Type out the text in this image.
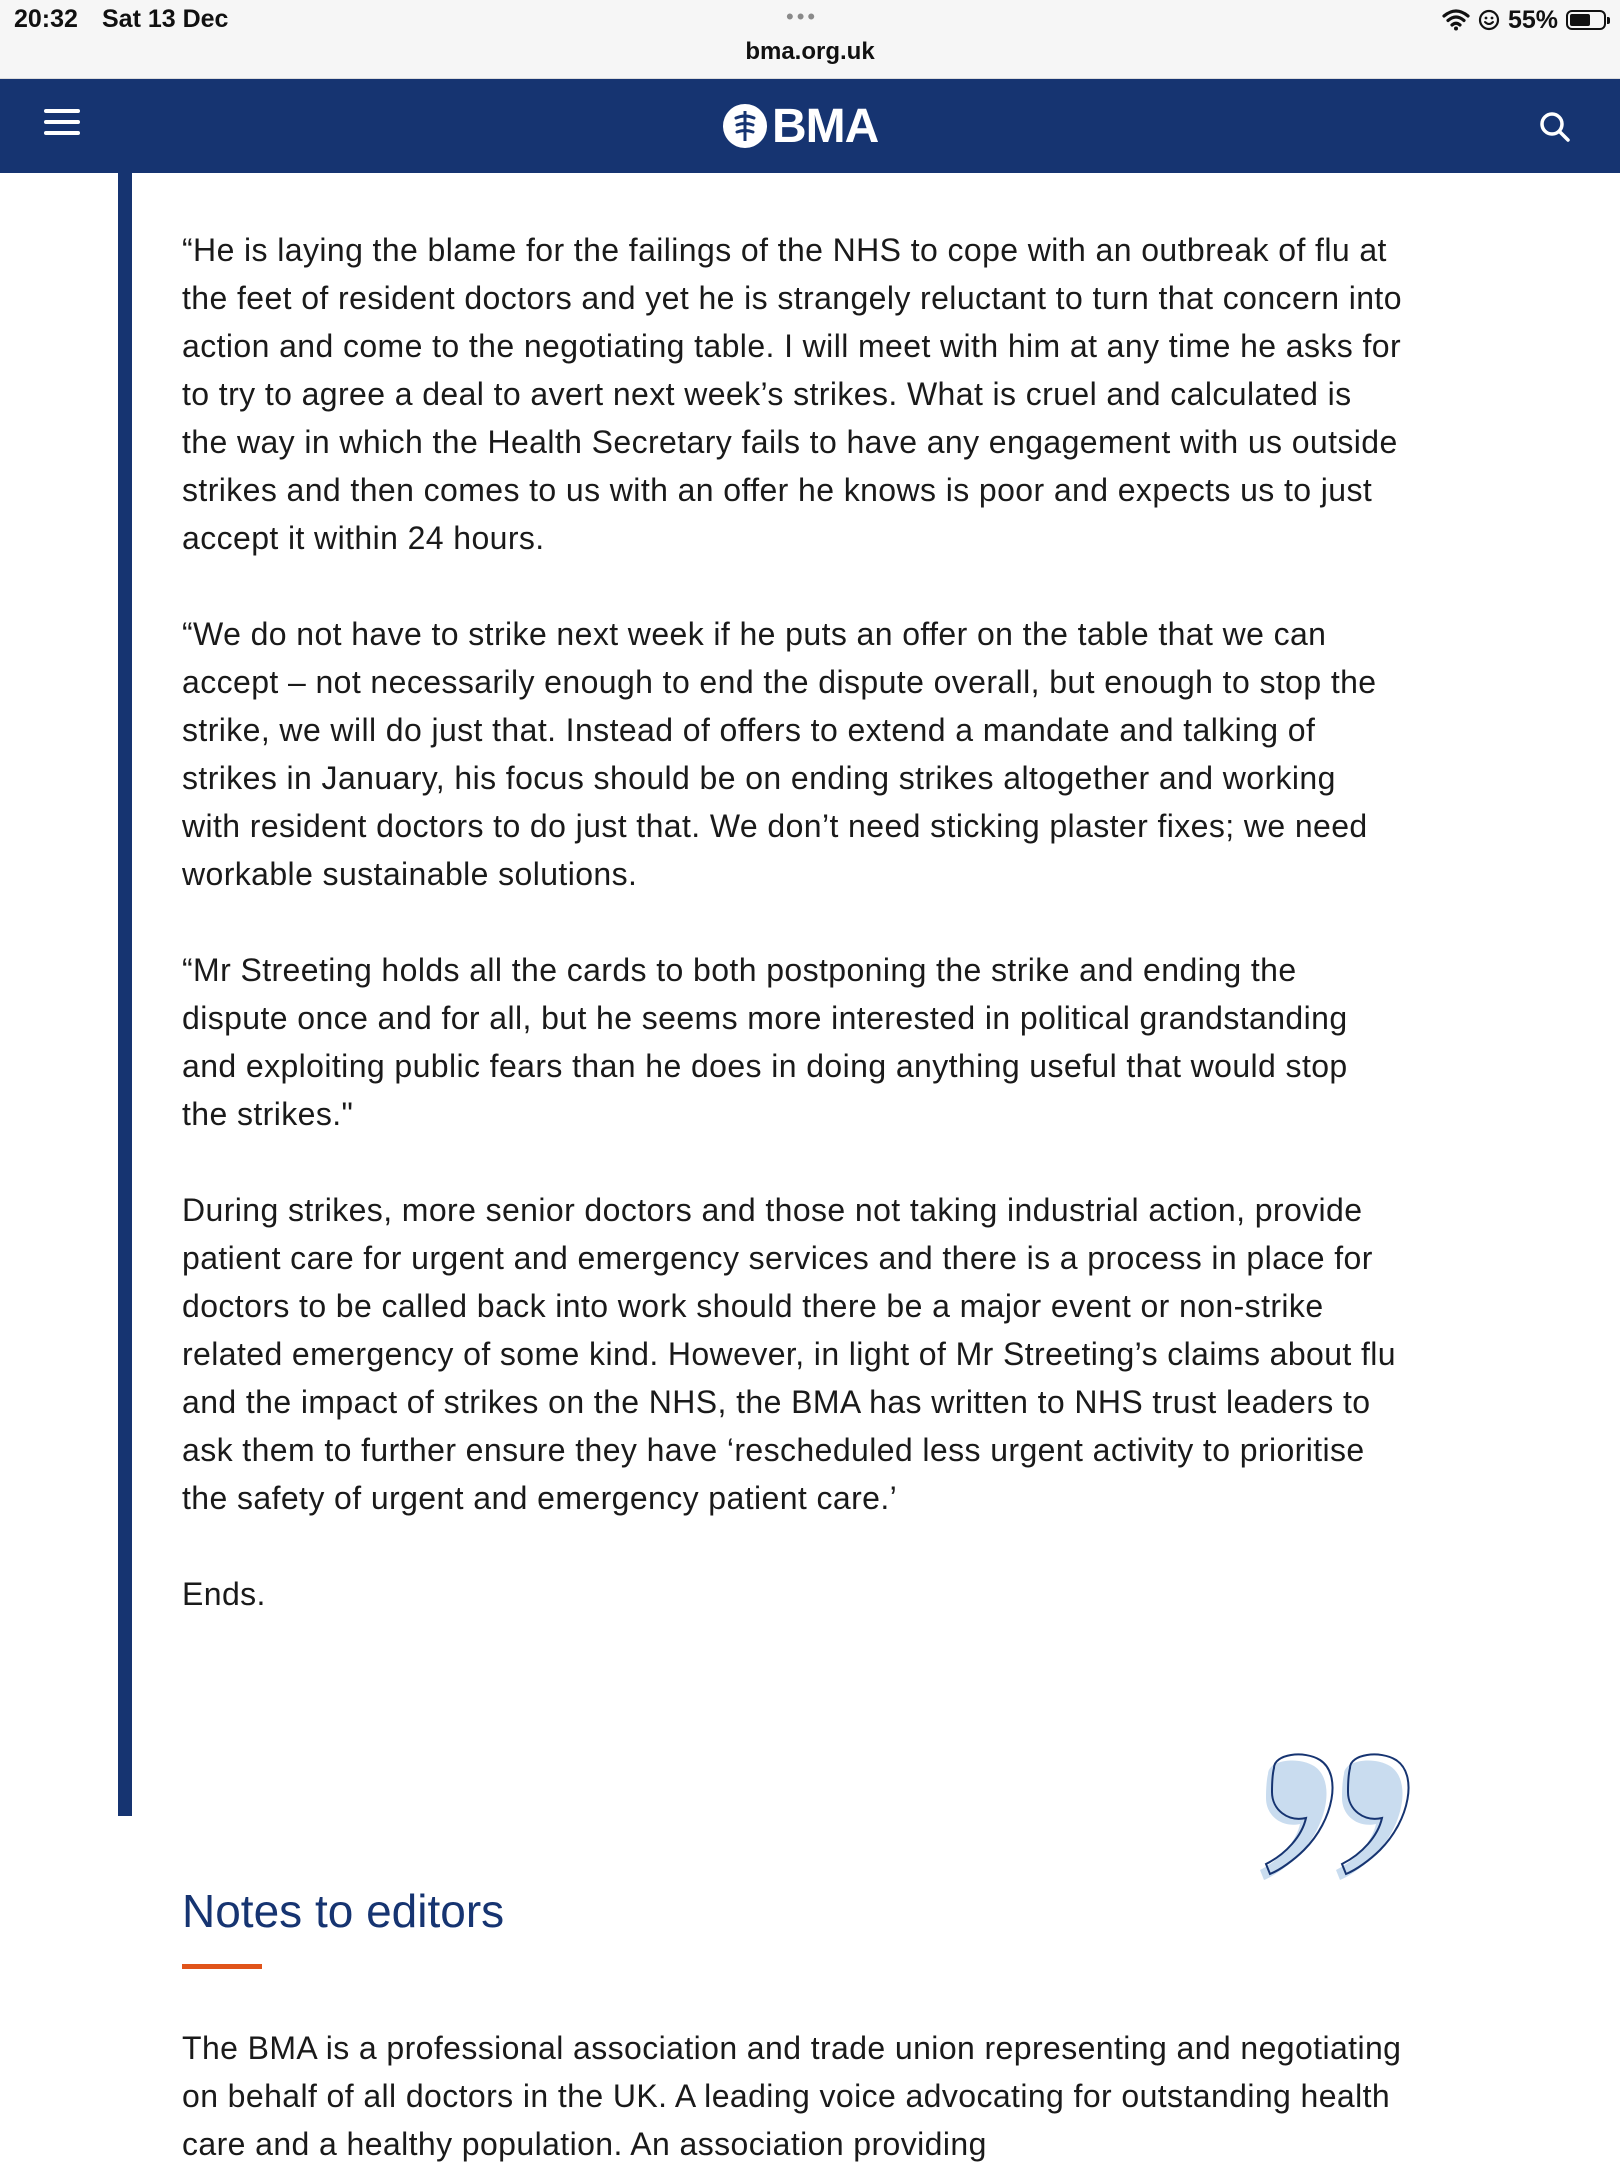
20:32 Sat 13 Dec	•••
bma.org.uk
55%
BMA

“He is laying the blame for the failings of the NHS to cope with an outbreak of flu at the feet of resident doctors and yet he is strangely reluctant to turn that concern into action and come to the negotiating table. I will meet with him at any time he asks for to try to agree a deal to avert next week’s strikes. What is cruel and calculated is the way in which the Health Secretary fails to have any engagement with us outside strikes and then comes to us with an offer he knows is poor and expects us to just accept it within 24 hours.

“We do not have to strike next week if he puts an offer on the table that we can accept – not necessarily enough to end the dispute overall, but enough to stop the strike, we will do just that. Instead of offers to extend a mandate and talking of strikes in January, his focus should be on ending strikes altogether and working with resident doctors to do just that. We don’t need sticking plaster fixes; we need workable sustainable solutions.

“Mr Streeting holds all the cards to both postponing the strike and ending the dispute once and for all, but he seems more interested in political grandstanding and exploiting public fears than he does in doing anything useful that would stop the strikes."

During strikes, more senior doctors and those not taking industrial action, provide patient care for urgent and emergency services and there is a process in place for doctors to be called back into work should there be a major event or non-strike related emergency of some kind. However, in light of Mr Streeting’s claims about flu and the impact of strikes on the NHS, the BMA has written to NHS trust leaders to ask them to further ensure they have ‘rescheduled less urgent activity to prioritise the safety of urgent and emergency patient care.’

Ends.

Notes to editors

The BMA is a professional association and trade union representing and negotiating on behalf of all doctors in the UK. A leading voice advocating for outstanding health care and a healthy population. An association providing
